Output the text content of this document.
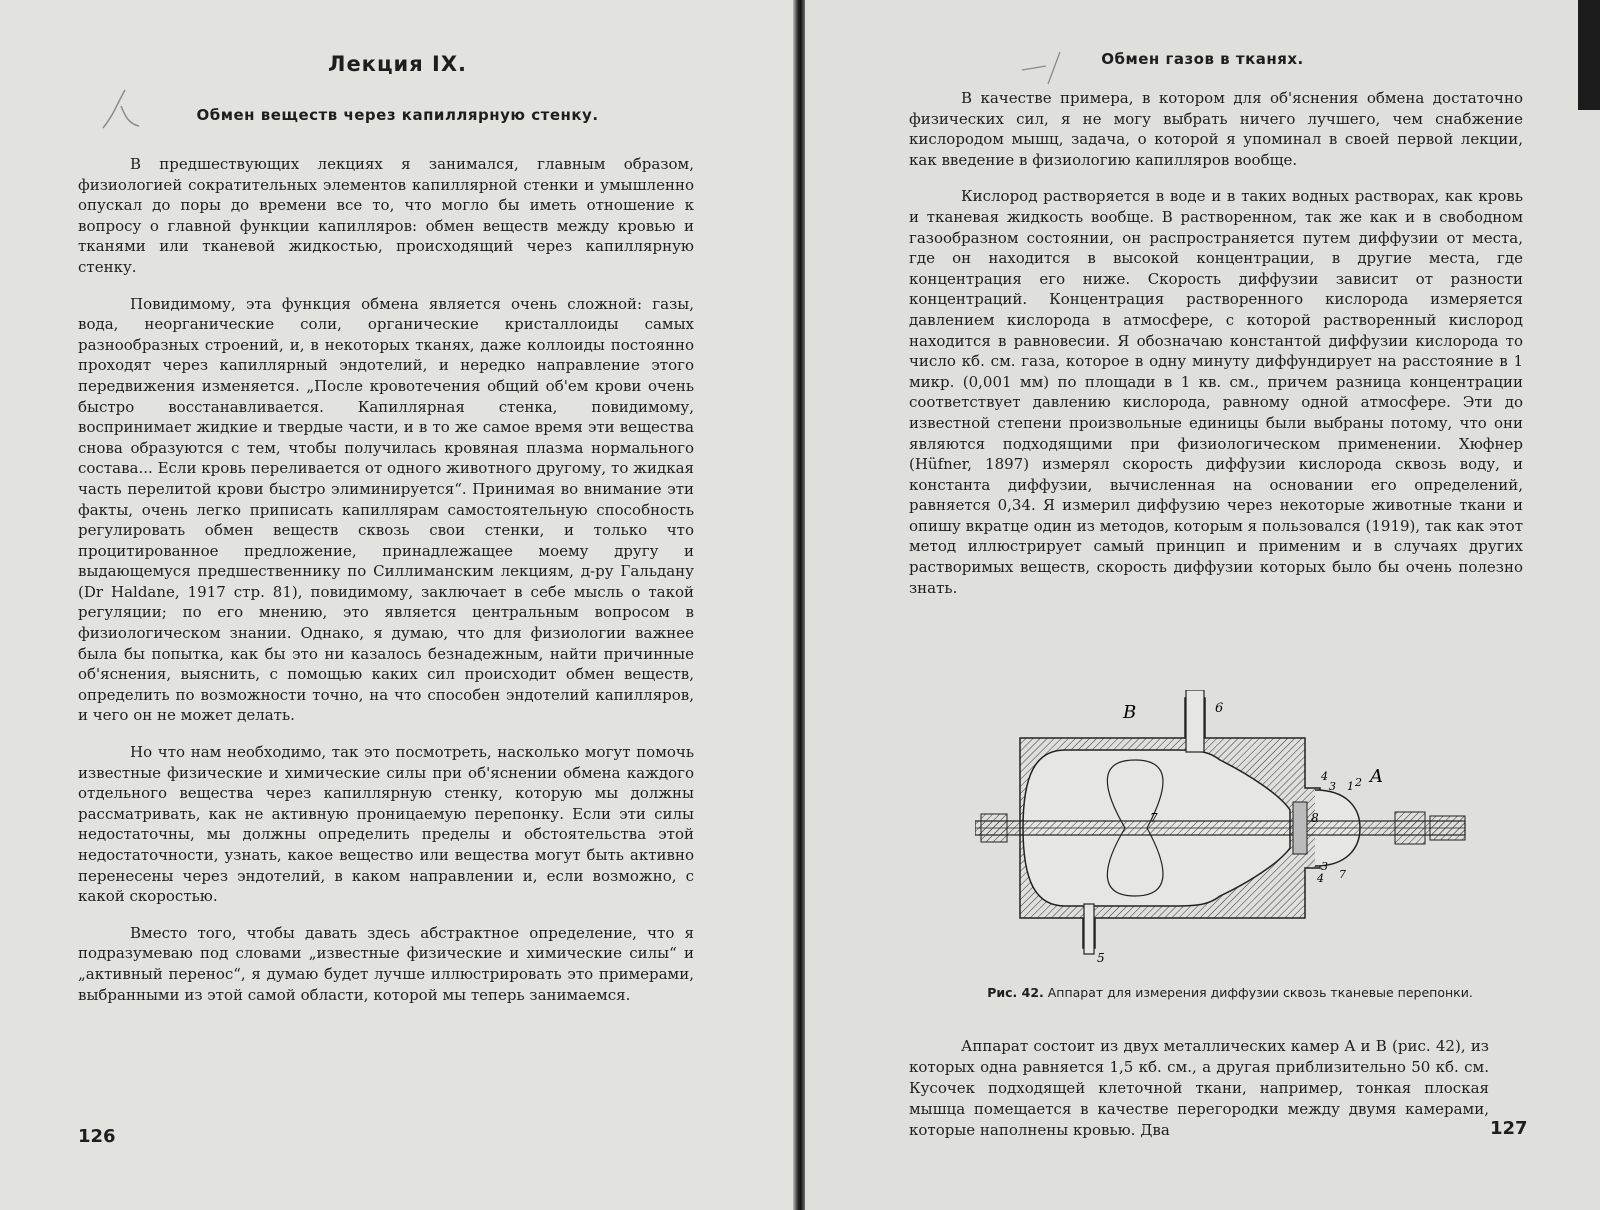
Лекция IX.
Обмен веществ через капиллярную стенку.

В предшествующих лекциях я занимался, главным образом, физиологией сократительных элементов капиллярной стенки и умышленно опускал до поры до времени все то, что могло бы иметь отношение к вопросу о главной функции капилляров: обмен веществ между кровью и тканями или тканевой жидкостью, происходящий через капиллярную стенку.

Повидимому, эта функция обмена является очень сложной: газы, вода, неорганические соли, органические кристаллоиды самых разнообразных строений, и, в некоторых тканях, даже коллоиды постоянно проходят через капиллярный эндотелий, и нередко направление этого передвижения изменяется. „После кровотечения общий об'ем крови очень быстро восстанавливается. Капиллярная стенка, повидимому, воспринимает жидкие и твердые части, и в то же самое время эти вещества снова образуются с тем, чтобы получилась кровяная плазма нормального состава... Если кровь переливается от одного животного другому, то жидкая часть перелитой крови быстро элиминируется“. Принимая во внимание эти факты, очень легко приписать капиллярам самостоятельную способность регулировать обмен веществ сквозь свои стенки, и только что процитированное предложение, принадлежащее моему другу и выдающемуся предшественнику по Силлиманским лекциям, д-ру Гальдану (Dr Haldane, 1917 стр. 81), повидимому, заключает в себе мысль о такой регуляции; по его мнению, это является центральным вопросом в физиологическом знании. Однако, я думаю, что для физиологии важнее была бы попытка, как бы это ни казалось безнадежным, найти причинные об'яснения, выяснить, с помощью каких сил происходит обмен веществ, определить по возможности точно, на что способен эндотелий капилляров, и чего он не может делать.

Но что нам необходимо, так это посмотреть, насколько могут помочь известные физические и химические силы при об'яснении обмена каждого отдельного вещества через капиллярную стенку, которую мы должны рассматривать, как не активную проницаемую перепонку. Если эти силы недостаточны, мы должны определить пределы и обстоятельства этой недостаточности, узнать, какое вещество или вещества могут быть активно перенесены через эндотелий, в каком направлении и, если возможно, с какой скоростью.

Вместо того, чтобы давать здесь абстрактное определение, что я подразумеваю под словами „известные физические и химические силы“ и „активный перенос“, я думаю будет лучше иллюстрировать это примерами, выбранными из этой самой области, которой мы теперь занимаемся.

126
Обмен газов в тканях.

В качестве примера, в котором для об'яснения обмена достаточно физических сил, я не могу выбрать ничего лучшего, чем снабжение кислородом мышц, задача, о которой я упоминал в своей первой лекции, как введение в физиологию капилляров вообще.

Кислород растворяется в воде и в таких водных растворах, как кровь и тканевая жидкость вообще. В растворенном, так же как и в свободном газообразном состоянии, он распространяется путем диффузии от места, где он находится в высокой концентрации, в другие места, где концентрация его ниже. Скорость диффузии зависит от разности концентраций. Концентрация растворенного кислорода измеряется давлением кислорода в атмосфере, с которой растворенный кислород находится в равновесии. Я обозначаю константой диффузии кислорода то число кб. см. газа, которое в одну минуту диффундирует на расстояние в 1 микр. (0,001 мм) по площади в 1 кв. см., причем разница концентрации соответствует давлению кислорода, равному одной атмосфере. Эти до известной степени произвольные единицы были выбраны потому, что они являются подходящими при физиологическом применении. Хюфнер (Hüfner, 1897) измерял скорость диффузии кислорода сквозь воду, и константа диффузии, вычисленная на основании его определений, равняется 0,34. Я измерил диффузию через некоторые животные ткани и опишу вкратце один из методов, которым я пользовался (1919), так как этот метод иллюстрирует самый принцип и применим и в случаях других растворимых веществ, скорость диффузии которых было бы очень полезно знать.

127
B	6
A
4
3 2
1
7	8
3
4 7
5
Рис. 42. Аппарат для измерения диффузии сквозь тканевые перепонки.

Аппарат состоит из двух металлических камер A и B (рис. 42), из которых одна равняется 1,5 кб. см., а другая приблизительно 50 кб. см. Кусочек подходящей клеточной ткани, например, тонкая плоская мышца помещается в качестве перегородки между двумя камерами, которые наполнены кровью. Два
